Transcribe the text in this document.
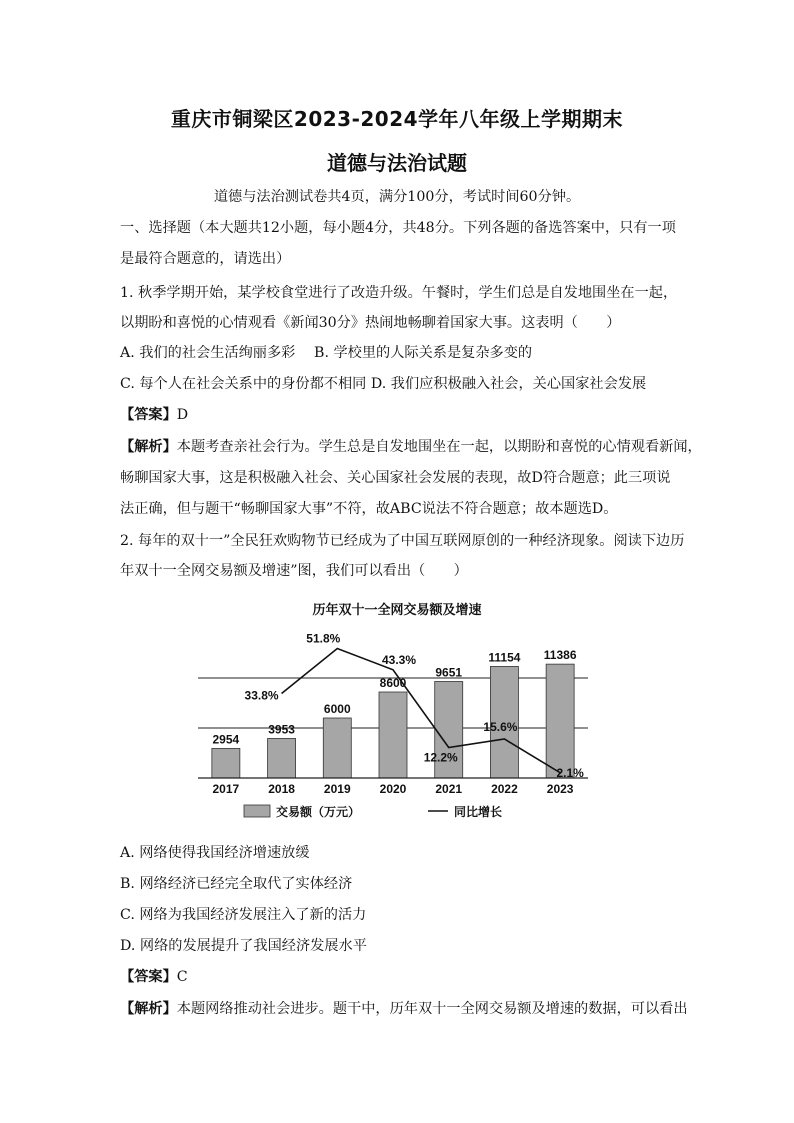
重庆市铜梁区2023-2024学年八年级上学期期末
道德与法治试题
道德与法治测试卷共4页，满分100分，考试时间60分钟。
一、选择题（本大题共12小题，每小题4分，共48分。下列各题的备选答案中，只有一项
是最符合题意的，请选出）
1. 秋季学期开始，某学校食堂进行了改造升级。午餐时，学生们总是自发地围坐在一起，
以期盼和喜悦的心情观看《新闻30分》热闹地畅聊着国家大事。这表明（　　）
A. 我们的社会生活绚丽多彩　 B. 学校里的人际关系是复杂多变的
C. 每个人在社会关系中的身份都不相同 D. 我们应积极融入社会，关心国家社会发展
【答案】D
【解析】本题考查亲社会行为。学生总是自发地围坐在一起，以期盼和喜悦的心情观看新闻，
畅聊国家大事，这是积极融入社会、关心国家社会发展的表现，故D符合题意；此三项说
法正确，但与题干“畅聊国家大事”不符，故ABC说法不符合题意；故本题选D。
2. 每年的双十一”全民狂欢购物节已经成为了中国互联网原创的一种经济现象。阅读下边历
年双十一全网交易额及增速”图，我们可以看出（　　）
历年双十一全网交易额及增速
2954
3953
6000
8600
9651
11154 11386
33.8%
51.8%
43.3%
12.2%
15.6%
2.1%
2017 2018 2019 2020 2021 2022 2023
交易额（万元）	同比增长
A. 网络使得我国经济增速放缓
B. 网络经济已经完全取代了实体经济
C. 网络为我国经济发展注入了新的活力
D. 网络的发展提升了我国经济发展水平
【答案】C
【解析】本题网络推动社会进步。题干中，历年双十一全网交易额及增速的数据，可以看出
